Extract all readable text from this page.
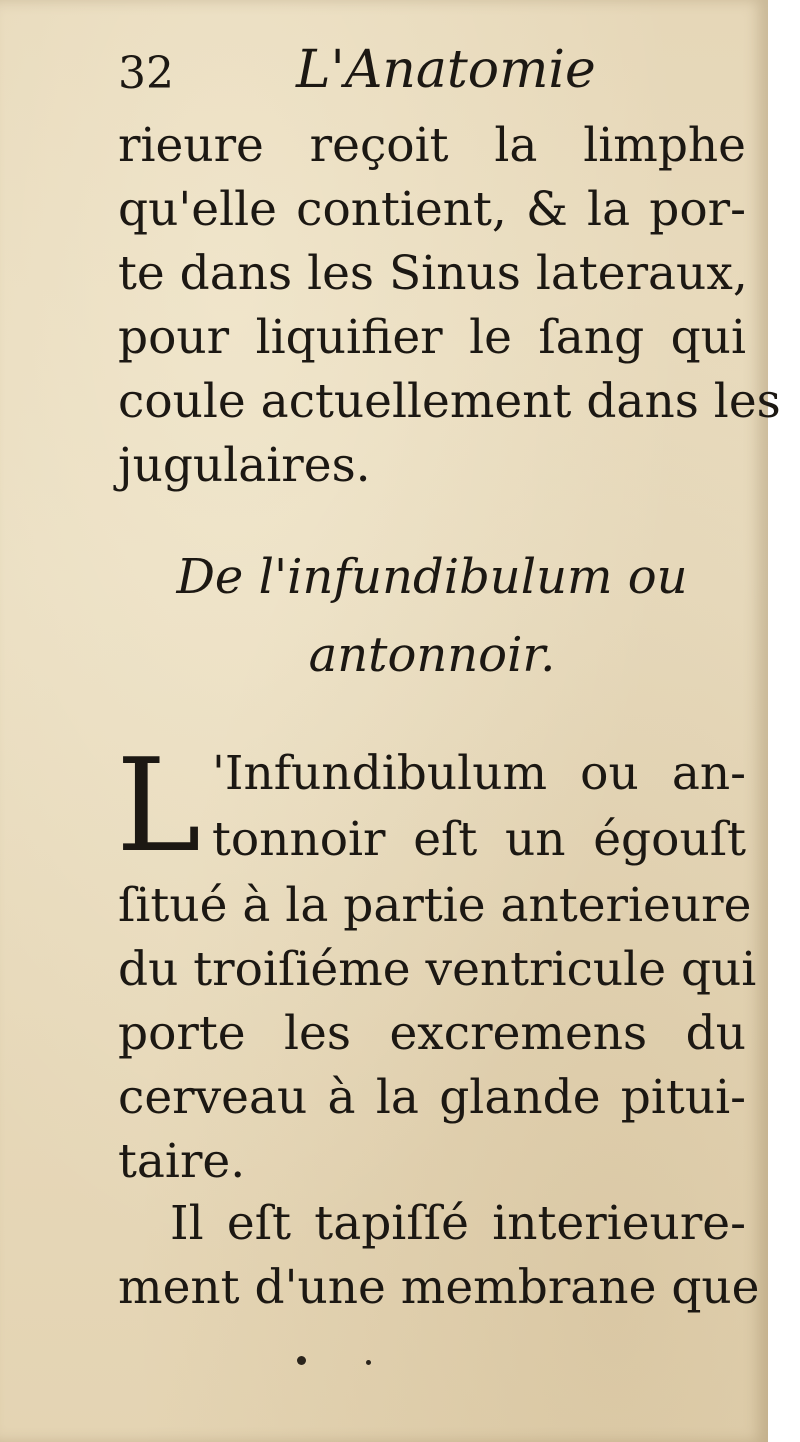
32 L'Anatomie

rieure reçoit la limphe

qu'elle contient, & la por-

te dans les Sinus lateraux,

pour liquifier le ſang qui

coule actuellement dans les

jugulaires.

De l'infundibulum ou

antonnoir.

L 'Infundibulum ou an-

tonnoir eſt un égouſt

ſitué à la partie anterieure

du troiſiéme ventricule qui

porte les excremens du

cerveau à la glande pitui-

taire.

Il eſt tapiſſé interieure-

ment d'une membrane que
